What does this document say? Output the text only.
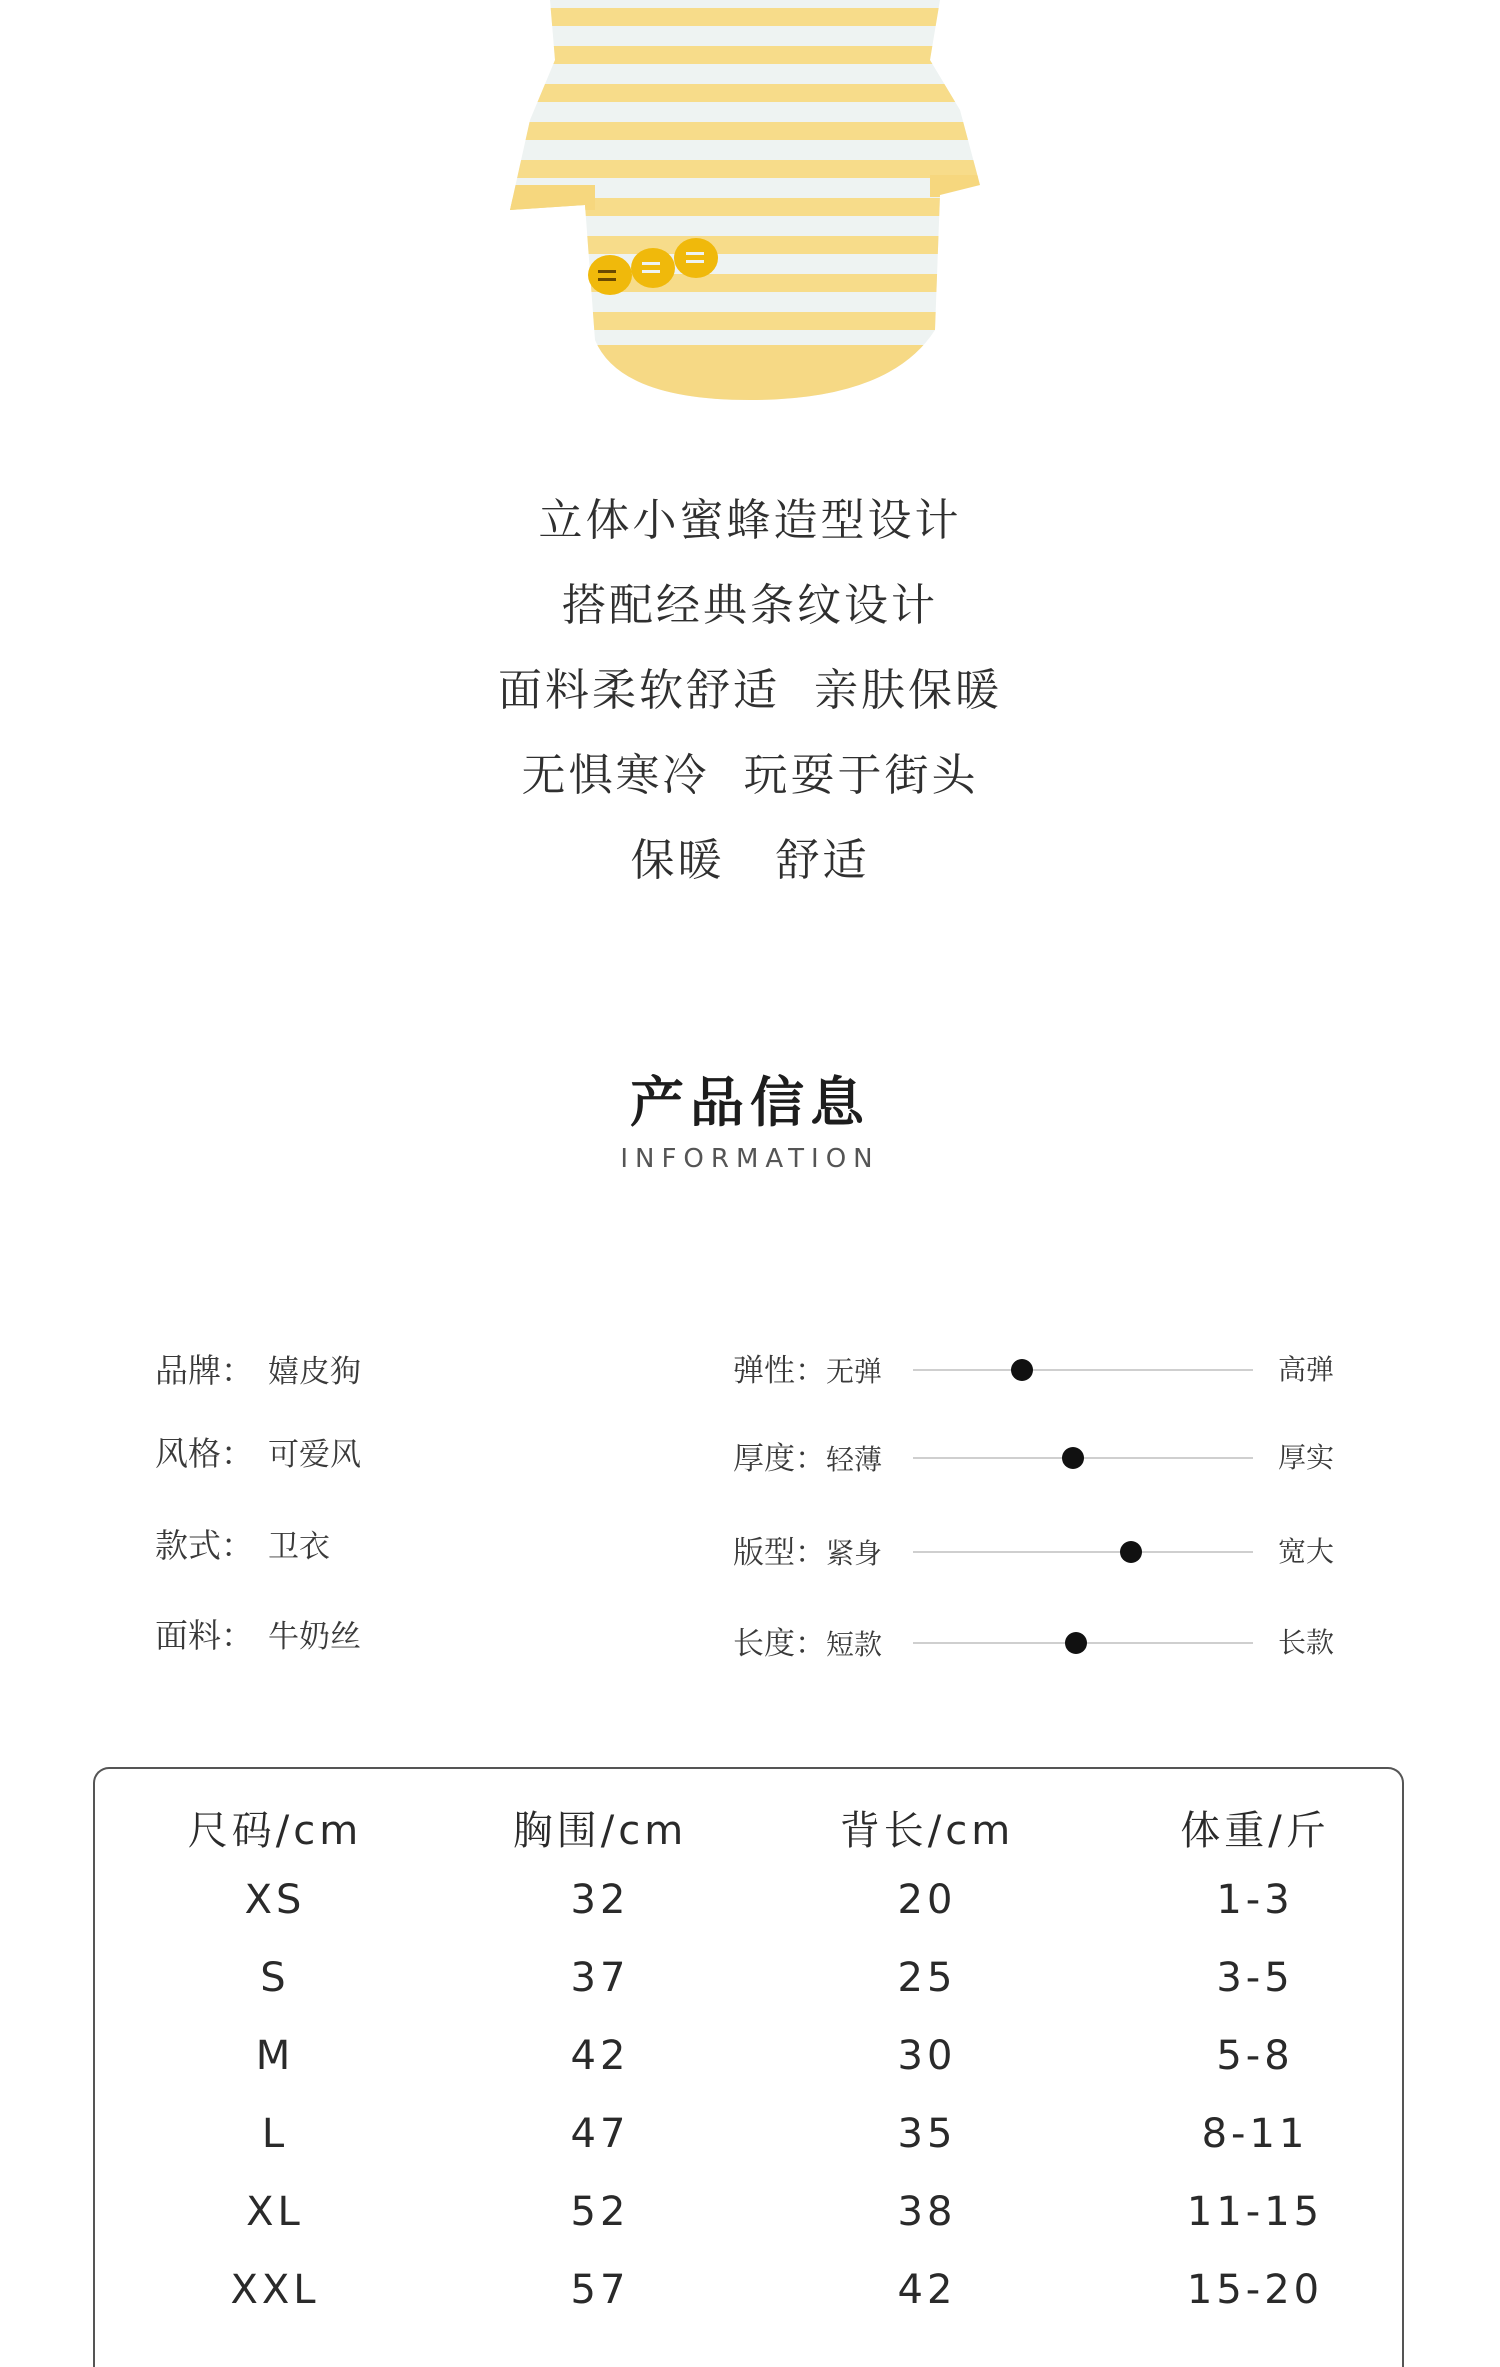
立体小蜜蜂造型设计
搭配经典条纹设计
面料柔软舒适  亲肤保暖
无惧寒冷  玩耍于街头
保暖   舒适
产品信息
INFORMATION
品牌： 嬉皮狗
风格： 可爱风
款式： 卫衣
面料： 牛奶丝
弹性：无弹	高弹
厚度：轻薄	厚实
版型：紧身	宽大
长度：短款	长款
尺码/cm	胸围/cm	背长/cm	体重/斤
XS	32	20	1-3
S	37	25	3-5
M	42	30	5-8
L	47	35	8-11
XL	52	38	11-15
XXL	57	42	15-20
